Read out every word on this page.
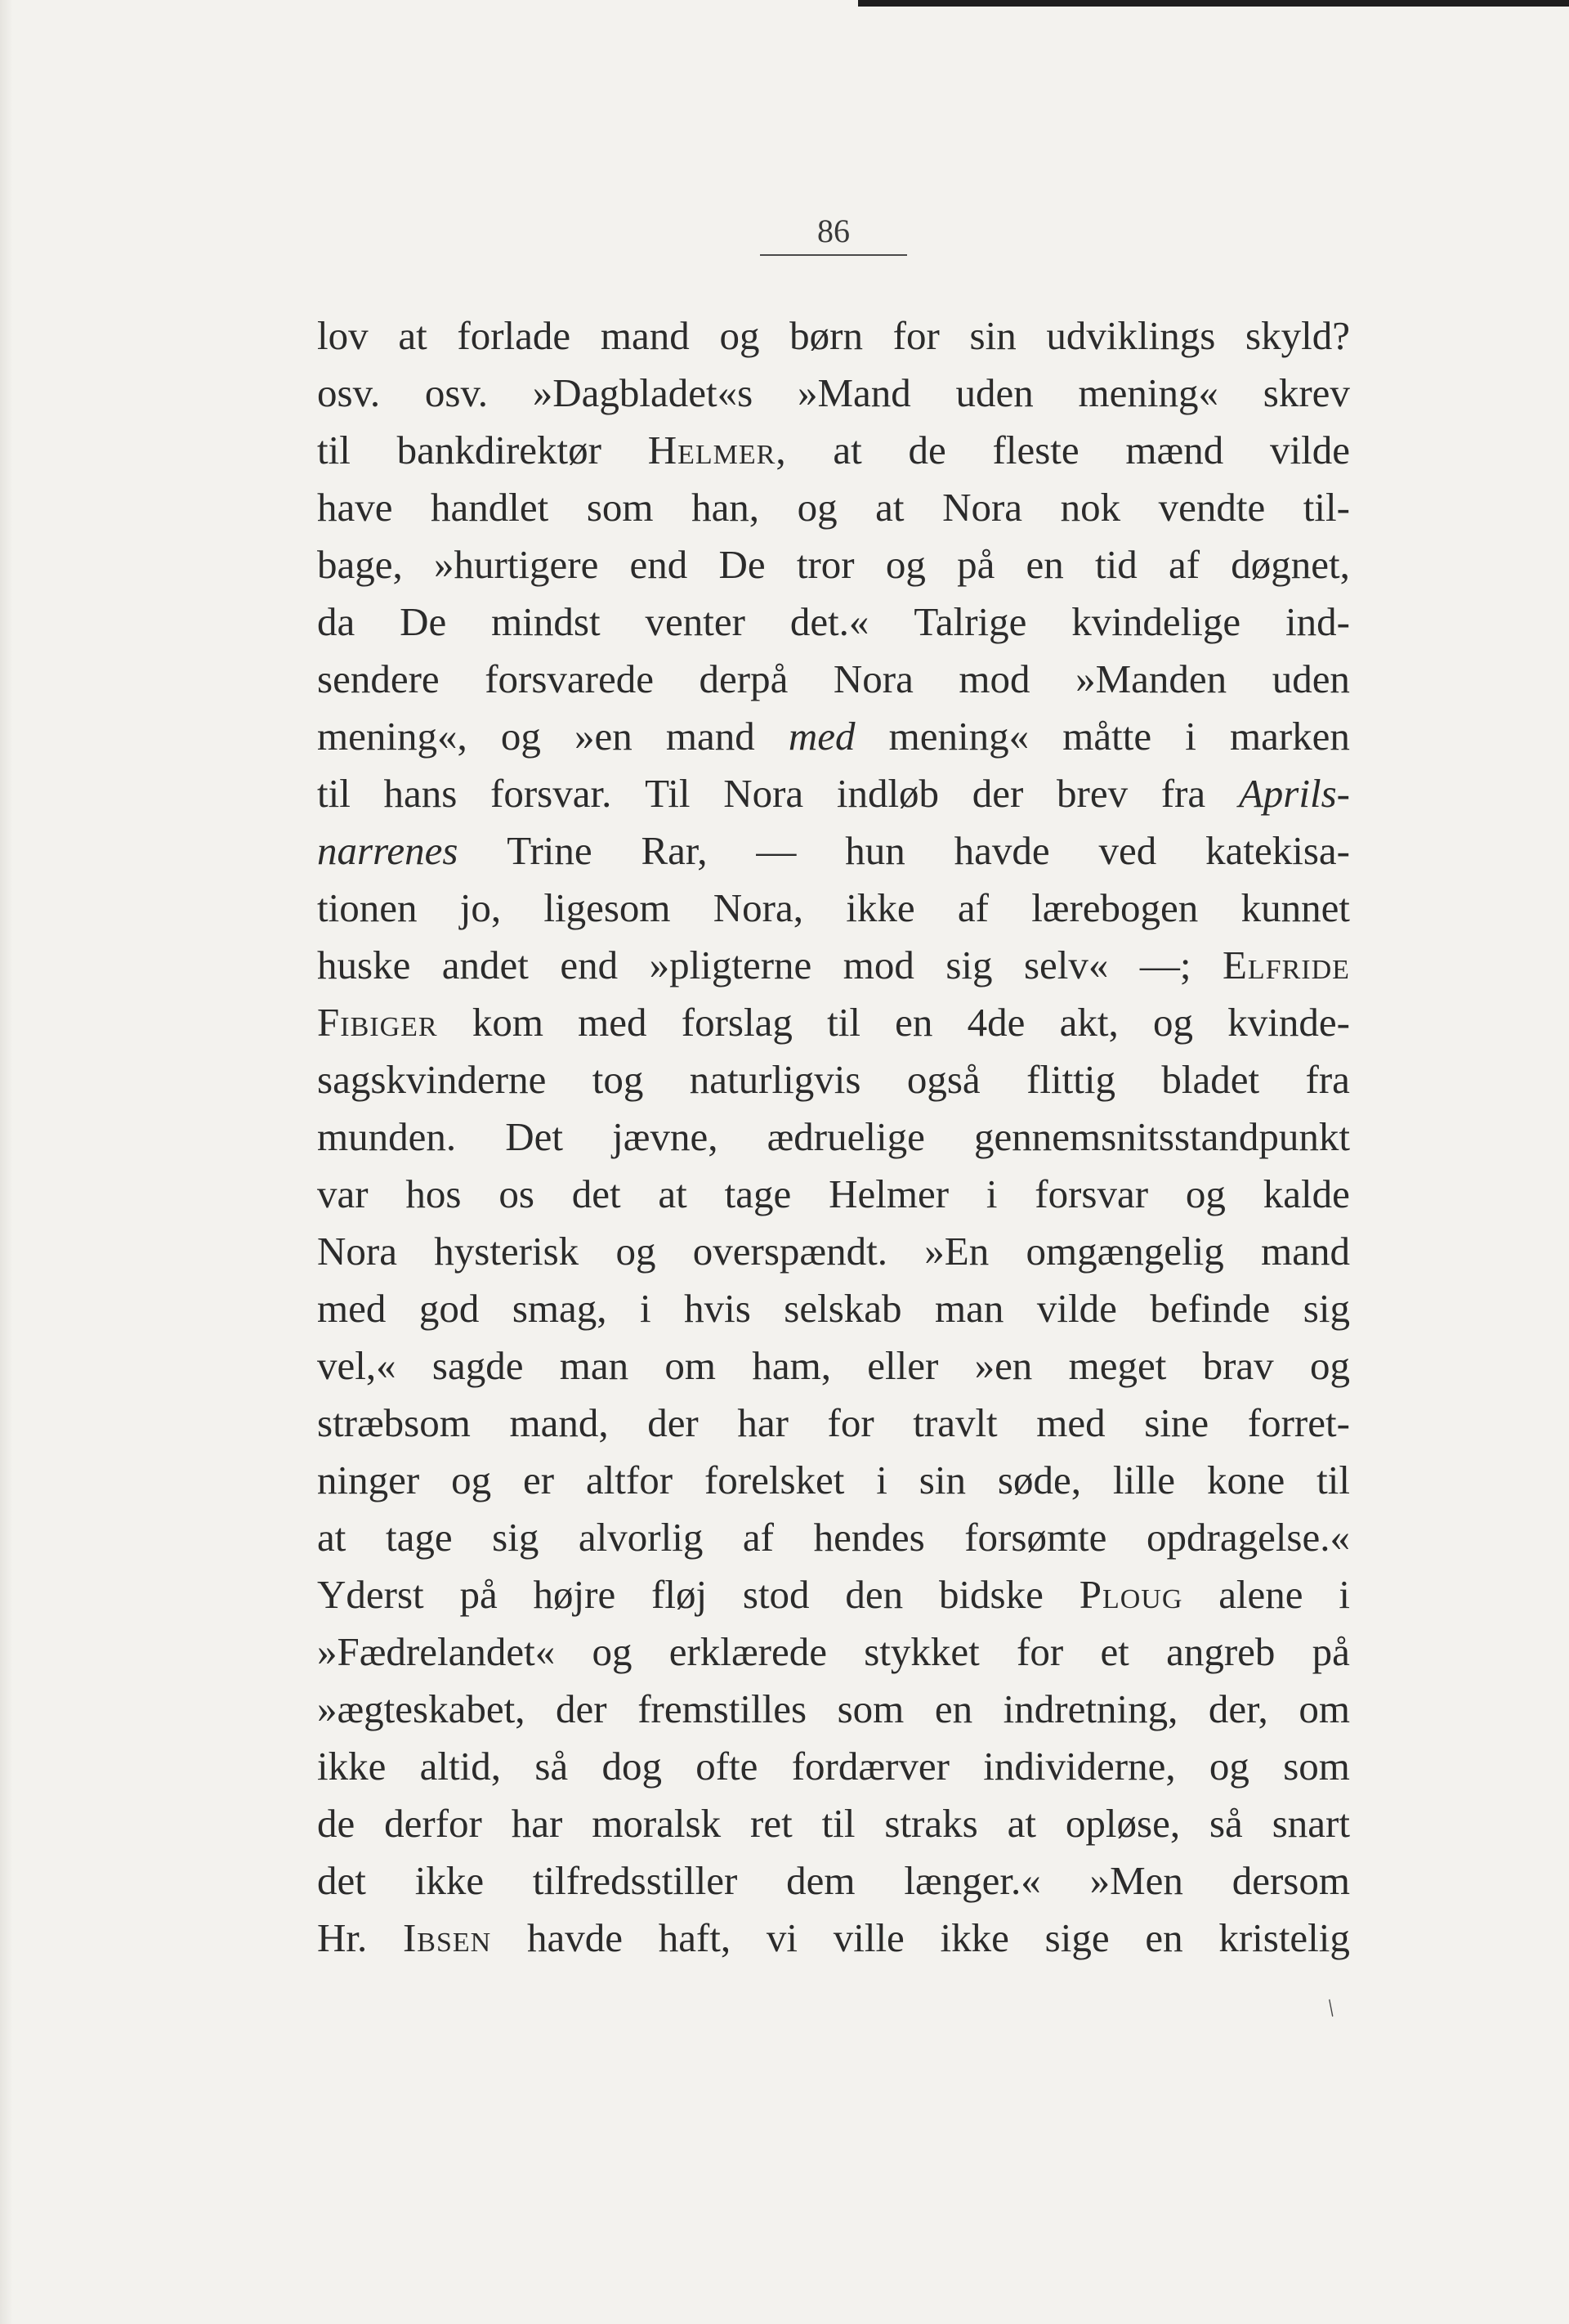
86
lov at forlade mand og børn for sin udviklings skyld?
osv. osv. »Dagbladet«s »Mand uden mening« skrev
til bankdirektør Helmer, at de fleste mænd vilde
have handlet som han, og at Nora nok vendte til-
bage, »hurtigere end De tror og på en tid af døgnet,
da De mindst venter det.« Talrige kvindelige ind-
sendere forsvarede derpå Nora mod »Manden uden
mening«, og »en mand med mening« måtte i marken
til hans forsvar. Til Nora indløb der brev fra Aprils-
narrenes Trine Rar, — hun havde ved katekisa-
tionen jo, ligesom Nora, ikke af lærebogen kunnet
huske andet end »pligterne mod sig selv« —; Elfride
Fibiger kom med forslag til en 4de akt, og kvinde-
sagskvinderne tog naturligvis også flittig bladet fra
munden. Det jævne, ædruelige gennemsnitsstandpunkt
var hos os det at tage Helmer i forsvar og kalde
Nora hysterisk og overspændt. »En omgængelig mand
med god smag, i hvis selskab man vilde befinde sig
vel,« sagde man om ham, eller »en meget brav og
stræbsom mand, der har for travlt med sine forret-
ninger og er altfor forelsket i sin søde, lille kone til
at tage sig alvorlig af hendes forsømte opdragelse.«
Yderst på højre fløj stod den bidske Ploug alene i
»Fædrelandet« og erklærede stykket for et angreb på
»ægteskabet, der fremstilles som en indretning, der, om
ikke altid, så dog ofte fordærver individerne, og som
de derfor har moralsk ret til straks at opløse, så snart
det ikke tilfredsstiller dem længer.« »Men dersom
Hr. Ibsen havde haft, vi ville ikke sige en kristelig
/
